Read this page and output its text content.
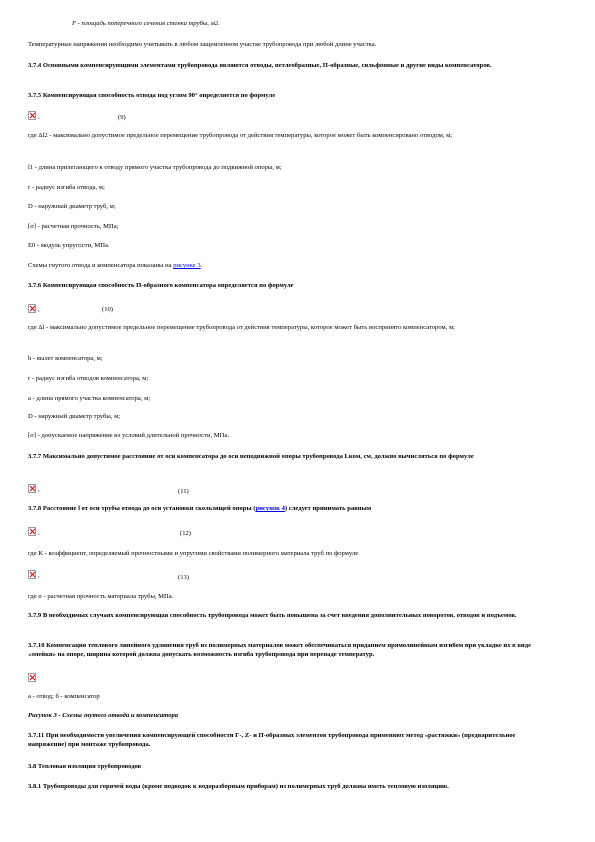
F - площадь поперечного сечения стенки трубы, м2.
Температурные напряжения необходимо учитывать в любом защемленном участке трубопровода при любой длине участка.
3.7.4 Основными компенсирующими элементами трубопровода являются отводы, петлеобразные, П-образные, сильфонные и другие виды компенсаторов.
3.7.5 Компенсирующая способность отвода под углом 90° определяется по формуле
,	(9)
где Δl2 - максимально допустимое предельное перемещение трубопровода от действия температуры, которое может быть компенсировано отводом, м;
l1 - длина прилегающего к отводу прямого участка трубопровода до подвижной опоры, м;
r - радиус изгиба отвода, м;
D - наружный диаметр труб, м;
[σ] - расчетная прочность, МПа;
E0 - модуль упругости, МПа.
Схемы гнутого отвода и компенсатора показаны на рисунке 3.
3.7.6 Компенсирующая способность П-образного компенсатора определяется по формуле
,	(10)
где Δl - максимально допустимое предельное перемещение трубопровода от действия температуры, которое может быть воспринято компенсатором, м;
h - вылет компенсатора, м;
r - радиус изгиба отводов компенсатора, м;
a - длина прямого участка компенсатора, м;
D - наружный диаметр трубы, м;
[σ] - допускаемое напряжение из условий длительной прочности, МПа.
3.7.7 Максимально допустимое расстояние от оси компенсатора до оси неподвижной опоры трубопровода Lком, см, должно вычисляться по формуле
,	(11)
3.7.8 Расстояние l от оси трубы отвода до оси установки скользящей опоры (рисунок 4) следует принимать равным
,	(12)
где K - коэффициент, определяемый прочностными и упругими свойствами полимерного материала труб по формуле
,	(13)
где σ - расчетная прочность материала трубы, МПа.
3.7.9 В необходимых случаях компенсирующая способность трубопровода может быть повышена за счет введения дополнительных поворотов, отводов и подъемов.
3.7.10 Компенсация теплового линейного удлинения труб из полимерных материалов может обеспечиваться приданием прямолинейным изгибом при укладке их в виде «змейки» на опоре, ширина которой должна допускать возможность изгиба трубопровода при перепаде температур.
а - отвод; б - компенсатор
Рисунок 3 - Схемы гнутого отвода и компенсатора
3.7.11 При необходимости увеличения компенсирующей способности Г-, Z- и П-образных элементов трубопровода применяют метод «растяжки» (предварительное напряжение) при монтаже трубопровода.
3.8 Тепловая изоляция трубопроводов
3.8.1 Трубопроводы для горячей воды (кроме подводок к водоразборным приборам) из полимерных труб должны иметь тепловую изоляцию.
